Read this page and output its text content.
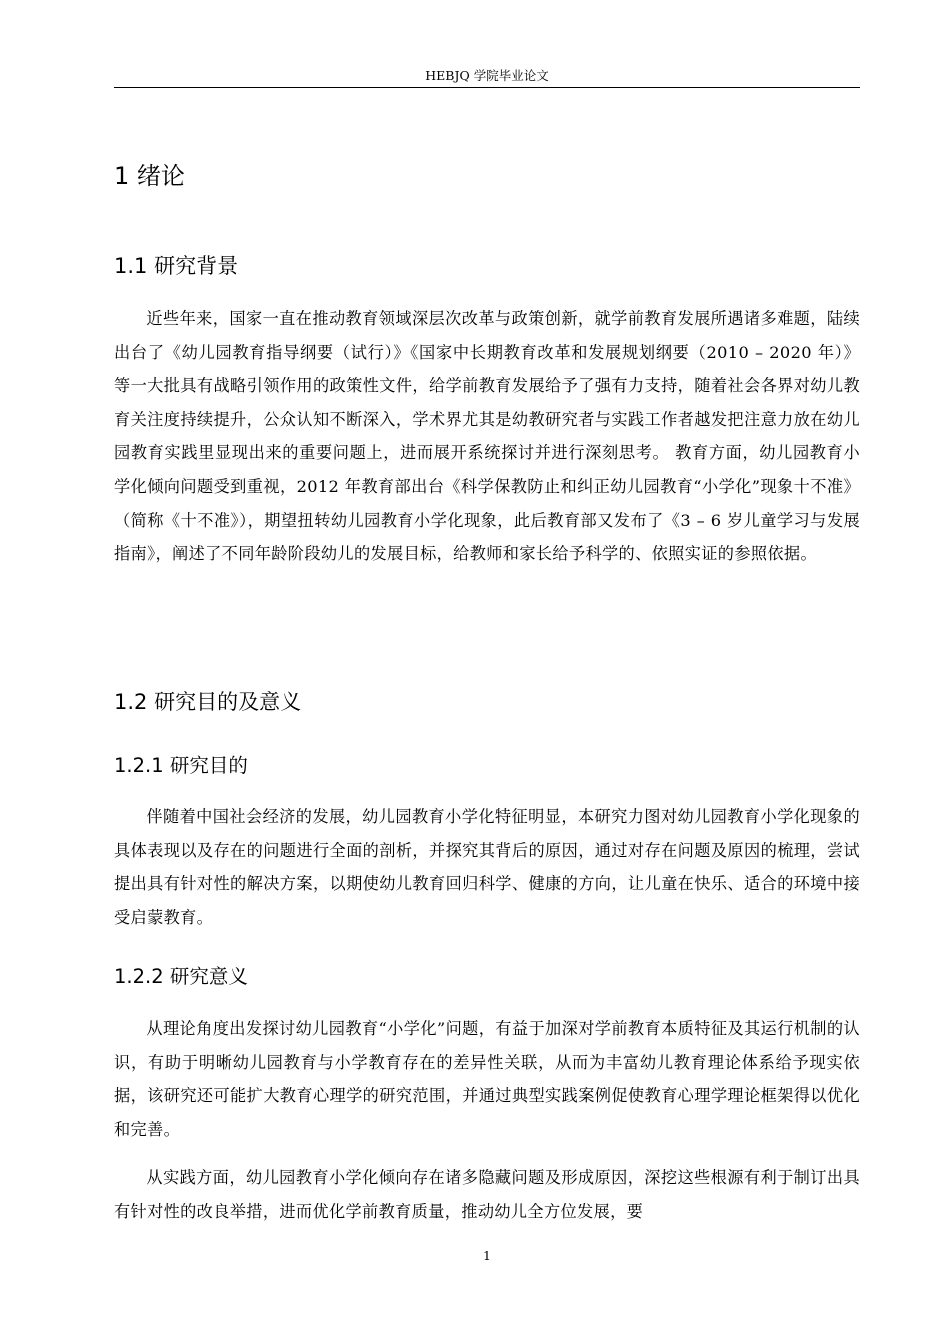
HEBJQ 学院毕业论文
1 绪论
1.1 研究背景

近些年来，国家一直在推动教育领域深层次改革与政策创新，就学前教育发展所遇诸多难题，陆续出台了《幼儿园教育指导纲要（试行）》《国家中长期教育改革和发展规划纲要（2010 – 2020 年）》等一大批具有战略引领作用的政策性文件，给学前教育发展给予了强有力支持，随着社会各界对幼儿教育关注度持续提升，公众认知不断深入，学术界尤其是幼教研究者与实践工作者越发把注意力放在幼儿园教育实践里显现出来的重要问题上，进而展开系统探讨并进行深刻思考。 教育方面，幼儿园教育小学化倾向问题受到重视，2012 年教育部出台《科学保教防止和纠正幼儿园教育“小学化”现象十不准》（简称《十不准》），期望扭转幼儿园教育小学化现象，此后教育部又发布了《3 – 6 岁儿童学习与发展指南》，阐述了不同年龄阶段幼儿的发展目标，给教师和家长给予科学的、依照实证的参照依据。

1.2 研究目的及意义
1.2.1 研究目的

伴随着中国社会经济的发展，幼儿园教育小学化特征明显，本研究力图对幼儿园教育小学化现象的具体表现以及存在的问题进行全面的剖析，并探究其背后的原因，通过对存在问题及原因的梳理，尝试提出具有针对性的解决方案，以期使幼儿教育回归科学、健康的方向，让儿童在快乐、适合的环境中接受启蒙教育。

1.2.2 研究意义

从理论角度出发探讨幼儿园教育“小学化”问题，有益于加深对学前教育本质特征及其运行机制的认识，有助于明晰幼儿园教育与小学教育存在的差异性关联，从而为丰富幼儿教育理论体系给予现实依据，该研究还可能扩大教育心理学的研究范围，并通过典型实践案例促使教育心理学理论框架得以优化和完善。

从实践方面，幼儿园教育小学化倾向存在诸多隐藏问题及形成原因，深挖这些根源有利于制订出具有针对性的改良举措，进而优化学前教育质量，推动幼儿全方位发展，要

1
